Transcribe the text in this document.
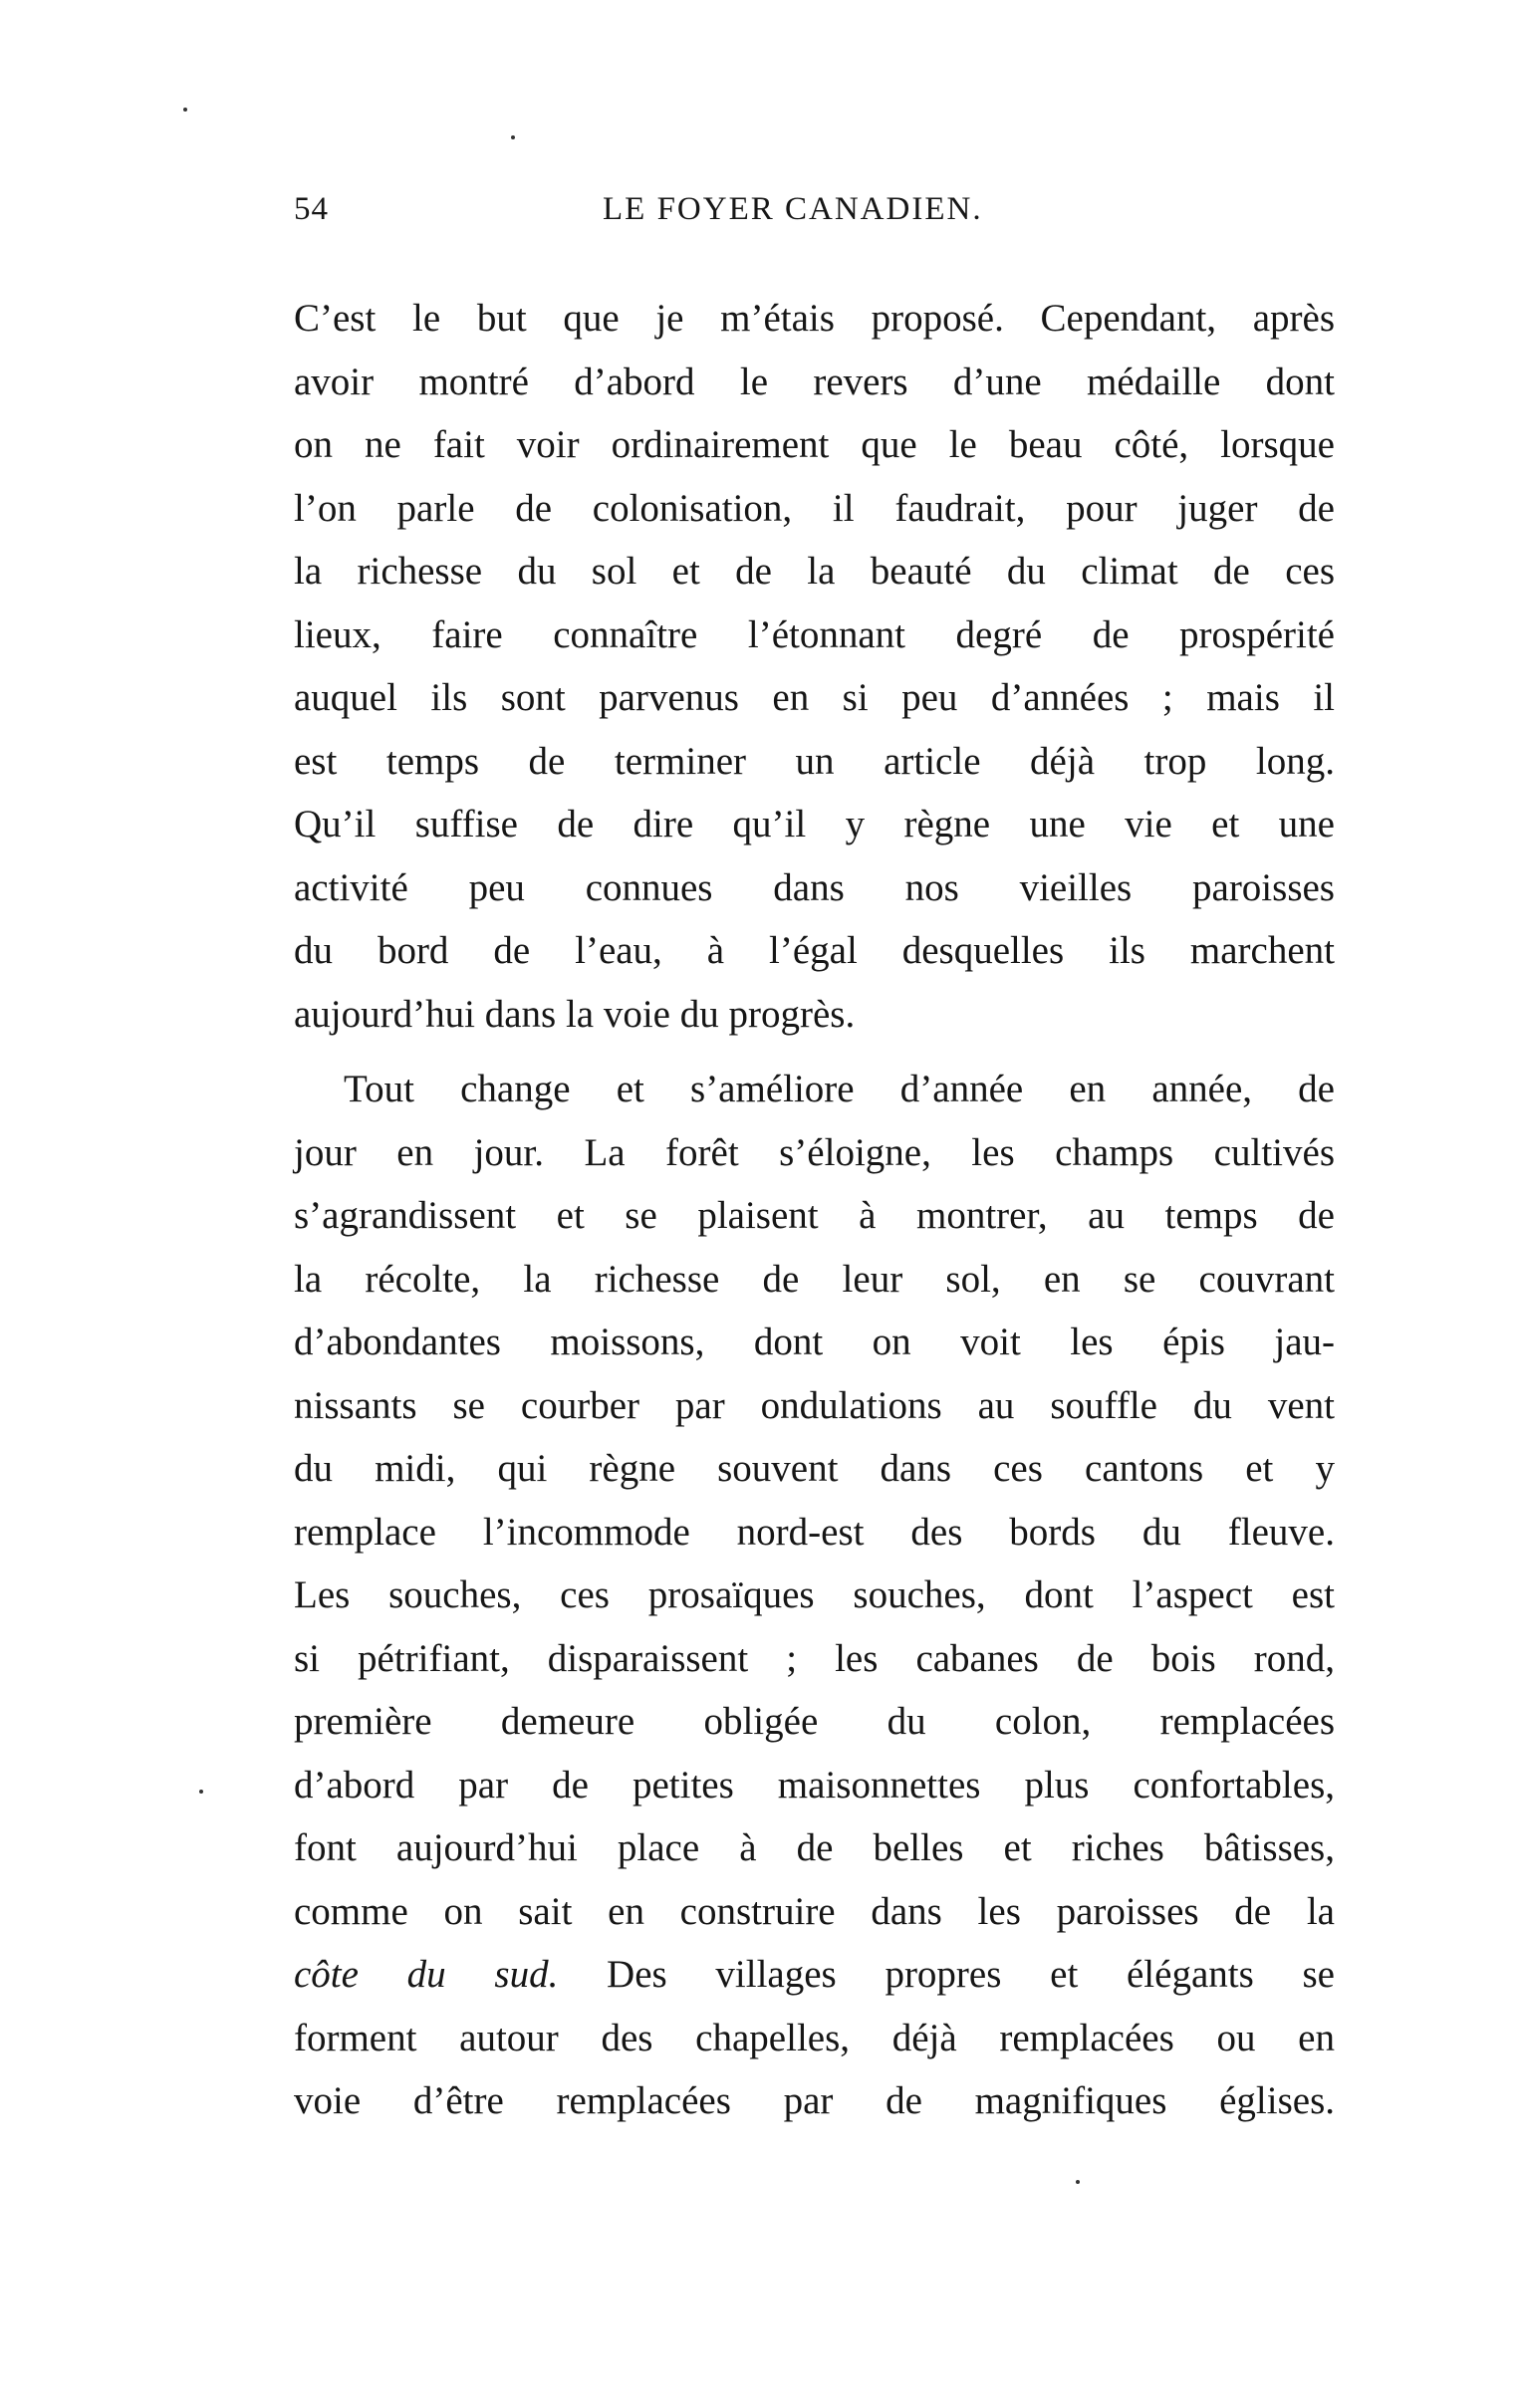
54	LE FOYER CANADIEN.
C’est le but que je m’étais proposé. Cependant, après
avoir montré d’abord le revers d’une médaille dont
on ne fait voir ordinairement que le beau côté, lorsque
l’on parle de colonisation, il faudrait, pour juger de
la richesse du sol et de la beauté du climat de ces
lieux, faire connaître l’étonnant degré de prospérité
auquel ils sont parvenus en si peu d’années ; mais il
est temps de terminer un article déjà trop long.
Qu’il suffise de dire qu’il y règne une vie et une
activité peu connues dans nos vieilles paroisses
du bord de l’eau, à l’égal desquelles ils marchent
aujourd’hui dans la voie du progrès.
Tout change et s’améliore d’année en année, de
jour en jour. La forêt s’éloigne, les champs cultivés
s’agrandissent et se plaisent à montrer, au temps de
la récolte, la richesse de leur sol, en se couvrant
d’abondantes moissons, dont on voit les épis jau-
nissants se courber par ondulations au souffle du vent
du midi, qui règne souvent dans ces cantons et y
remplace l’incommode nord-est des bords du fleuve.
Les souches, ces prosaïques souches, dont l’aspect est
si pétrifiant, disparaissent ; les cabanes de bois rond,
première demeure obligée du colon, remplacées
d’abord par de petites maisonnettes plus confortables,
font aujourd’hui place à de belles et riches bâtisses,
comme on sait en construire dans les paroisses de la
côte du sud. Des villages propres et élégants se
forment autour des chapelles, déjà remplacées ou en
voie d’être remplacées par de magnifiques églises.
